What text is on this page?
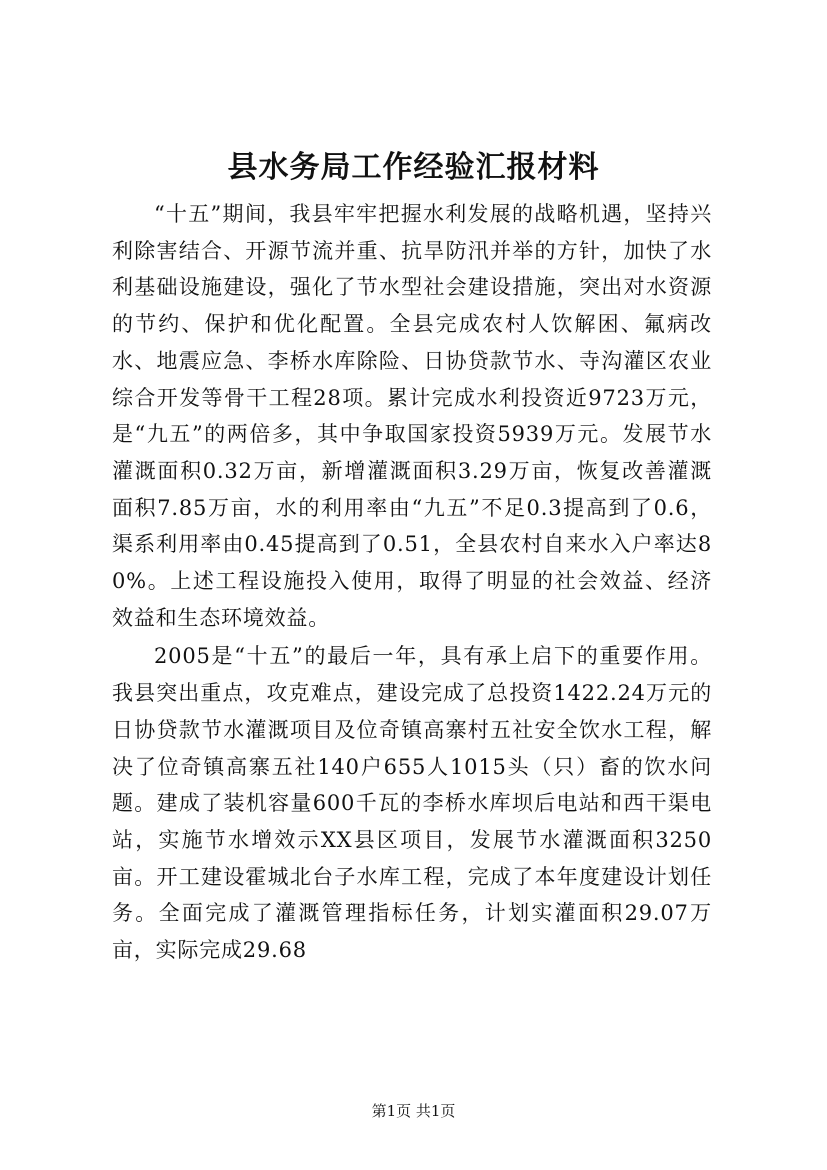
县水务局工作经验汇报材料

“十五”期间，我县牢牢把握水利发展的战略机遇，坚持兴利除害结合、开源节流并重、抗旱防汛并举的方针，加快了水利基础设施建设，强化了节水型社会建设措施，突出对水资源的节约、保护和优化配置。全县完成农村人饮解困、氟病改水、地震应急、李桥水库除险、日协贷款节水、寺沟灌区农业综合开发等骨干工程28项。累计完成水利投资近9723万元，是“九五”的两倍多，其中争取国家投资5939万元。发展节水灌溉面积0.32万亩，新增灌溉面积3.29万亩，恢复改善灌溉面积7.85万亩，水的利用率由“九五”不足0.3提高到了0.6，渠系利用率由0.45提高到了0.51，全县农村自来水入户率达80%。上述工程设施投入使用，取得了明显的社会效益、经济效益和生态环境效益。

2005是“十五”的最后一年，具有承上启下的重要作用。我县突出重点，攻克难点，建设完成了总投资1422.24万元的日协贷款节水灌溉项目及位奇镇高寨村五社安全饮水工程，解决了位奇镇高寨五社140户655人1015头（只）畜的饮水问题。建成了装机容量600千瓦的李桥水库坝后电站和西干渠电站，实施节水增效示XX县区项目，发展节水灌溉面积3250亩。开工建设霍城北台子水库工程，完成了本年度建设计划任务。全面完成了灌溉管理指标任务，计划实灌面积29.07万亩，实际完成29.68

第1页 共1页
